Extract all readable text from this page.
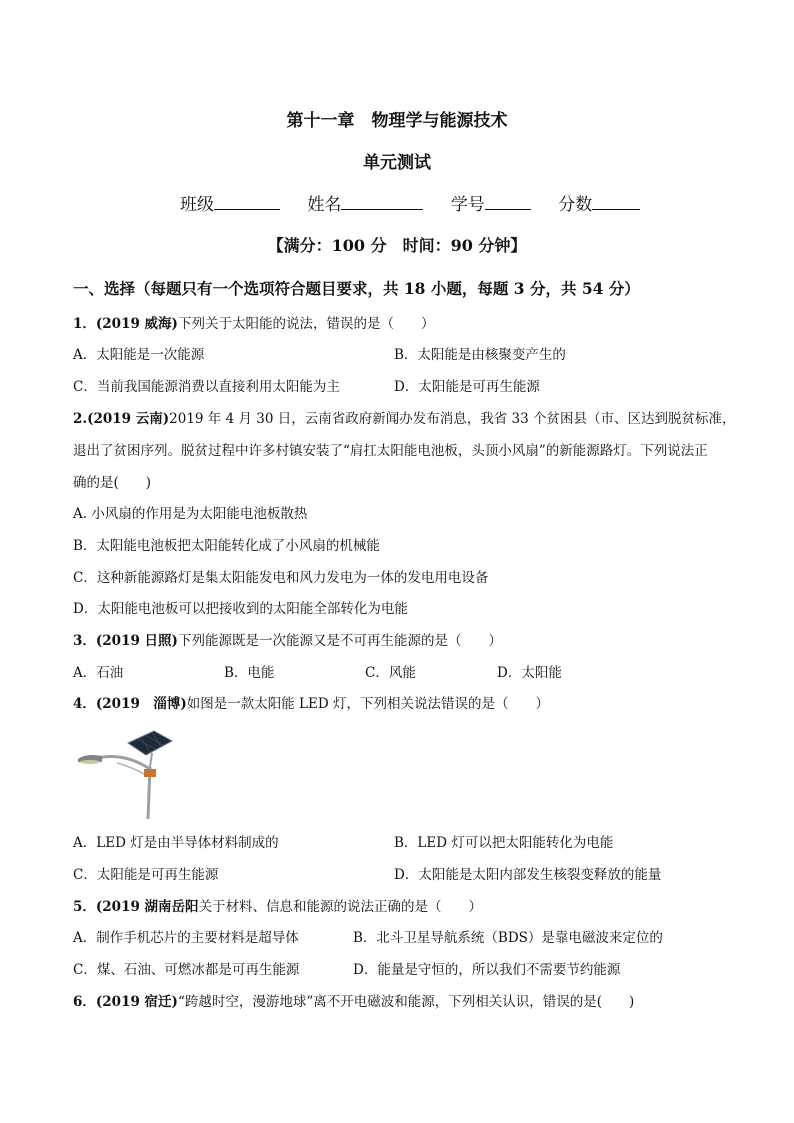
第十一章　物理学与能源技术
单元测试
班级	姓名	学号	分数
【满分：100 分　时间：90 分钟】
一、选择（每题只有一个选项符合题目要求，共 18 小题，每题 3 分，共 54 分）
1．(2019 威海)下列关于太阳能的说法，错误的是（　　）
A．太阳能是一次能源	B．太阳能是由核聚变产生的
C．当前我国能源消费以直接利用太阳能为主	D．太阳能是可再生能源
2.(2019 云南)2019 年 4 月 30 日，云南省政府新闻办发布消息，我省 33 个贫困县（市、区达到脱贫标准，
退出了贫困序列。脱贫过程中许多村镇安装了“肩扛太阳能电池板，头顶小风扇”的新能源路灯。下列说法正
确的是(　　)
A. 小风扇的作用是为太阳能电池板散热
B．太阳能电池板把太阳能转化成了小风扇的机械能
C．这种新能源路灯是集太阳能发电和风力发电为一体的发电用电设备
D．太阳能电池板可以把接收到的太阳能全部转化为电能
3．(2019 日照)下列能源既是一次能源又是不可再生能源的是（　　）
A．石油	B．电能	C．风能	D．太阳能
4．(2019　淄博)如图是一款太阳能 LED 灯，下列相关说法错误的是（　　）
A．LED 灯是由半导体材料制成的	B．LED 灯可以把太阳能转化为电能
C．太阳能是可再生能源	D．太阳能是太阳内部发生核裂变释放的能量
5．(2019 湖南岳阳关于材料、信息和能源的说法正确的是（　　）
A．制作手机芯片的主要材料是超导体	B．北斗卫星导航系统（BDS）是靠电磁波来定位的
C．煤、石油、可燃冰都是可再生能源	D．能量是守恒的，所以我们不需要节约能源
6．(2019 宿迁)“跨越时空，漫游地球”离不开电磁波和能源，下列相关认识，错误的是(　　)
